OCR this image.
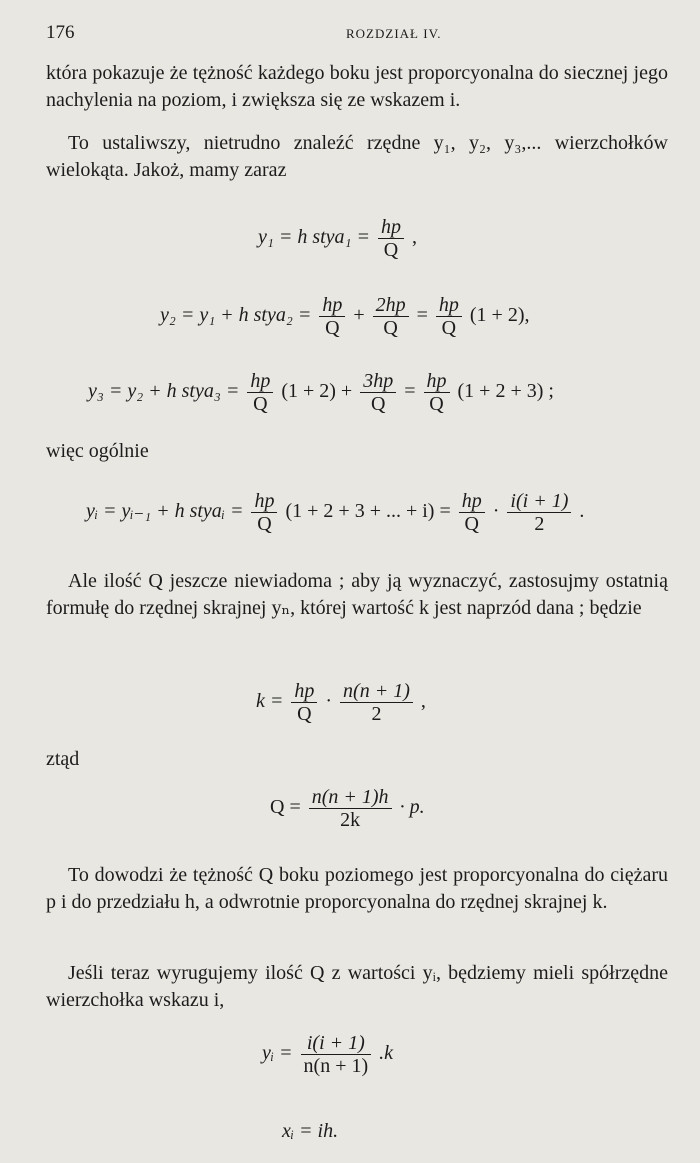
176	ROZDZIAŁ IV.
która pokazuje że tężność każdego boku jest proporcyonalna do siecznej jego nachylenia na poziom, i zwiększa się ze wskazem i.
To ustaliwszy, nietrudno znaleźć rzędne y₁, y₂, y₃,... wierzchołków wielokąta. Jakoż, mamy zaraz
y₁ = h stya₁ = $\frac{hp}{Q}$ ,
y₂ = y₁ + h stya₂ = $\frac{hp}{Q} + \frac{2hp}{Q} = \frac{hp}{Q} (1 + 2)$,
y₃ = y₂ + h stya₃ = $\frac{hp}{Q} (1 + 2) + \frac{3hp}{Q} = \frac{hp}{Q} (1 + 2 + 3)$ ;
więc ogólnie
yᵢ = yᵢ₋₁ + h styaᵢ = $\frac{hp}{Q} (1 + 2 + 3$ + ... + $i) = \frac{hp}{Q} \cdot \frac{i(i + 1)}{2}$ .
Ale ilość Q jeszcze niewiadoma ; aby ją wyznaczyć, zastosujmy ostatnią formułę do rzędnej skrajnej yₙ, której wartość k jest naprzód dana ; będzie
$k = \frac{hp}{Q} \cdot \frac{n(n + 1)}{2}$ ,
ztąd
$Q = \frac{n(n + 1)h}{2k} \cdot p$.
To dowodzi że tężność Q boku poziomego jest proporcyonalna do ciężaru p i do przedziału h, a odwrotnie proporcyonalna do rzędnej skrajnej k.
Jeśli teraz wyrugujemy ilość Q z wartości yᵢ, będziemy mieli spółrzędne wierzchołka wskazu i,
yᵢ = $\frac{i(i + 1)}{n(n + 1)} .k$
xᵢ = ih.
